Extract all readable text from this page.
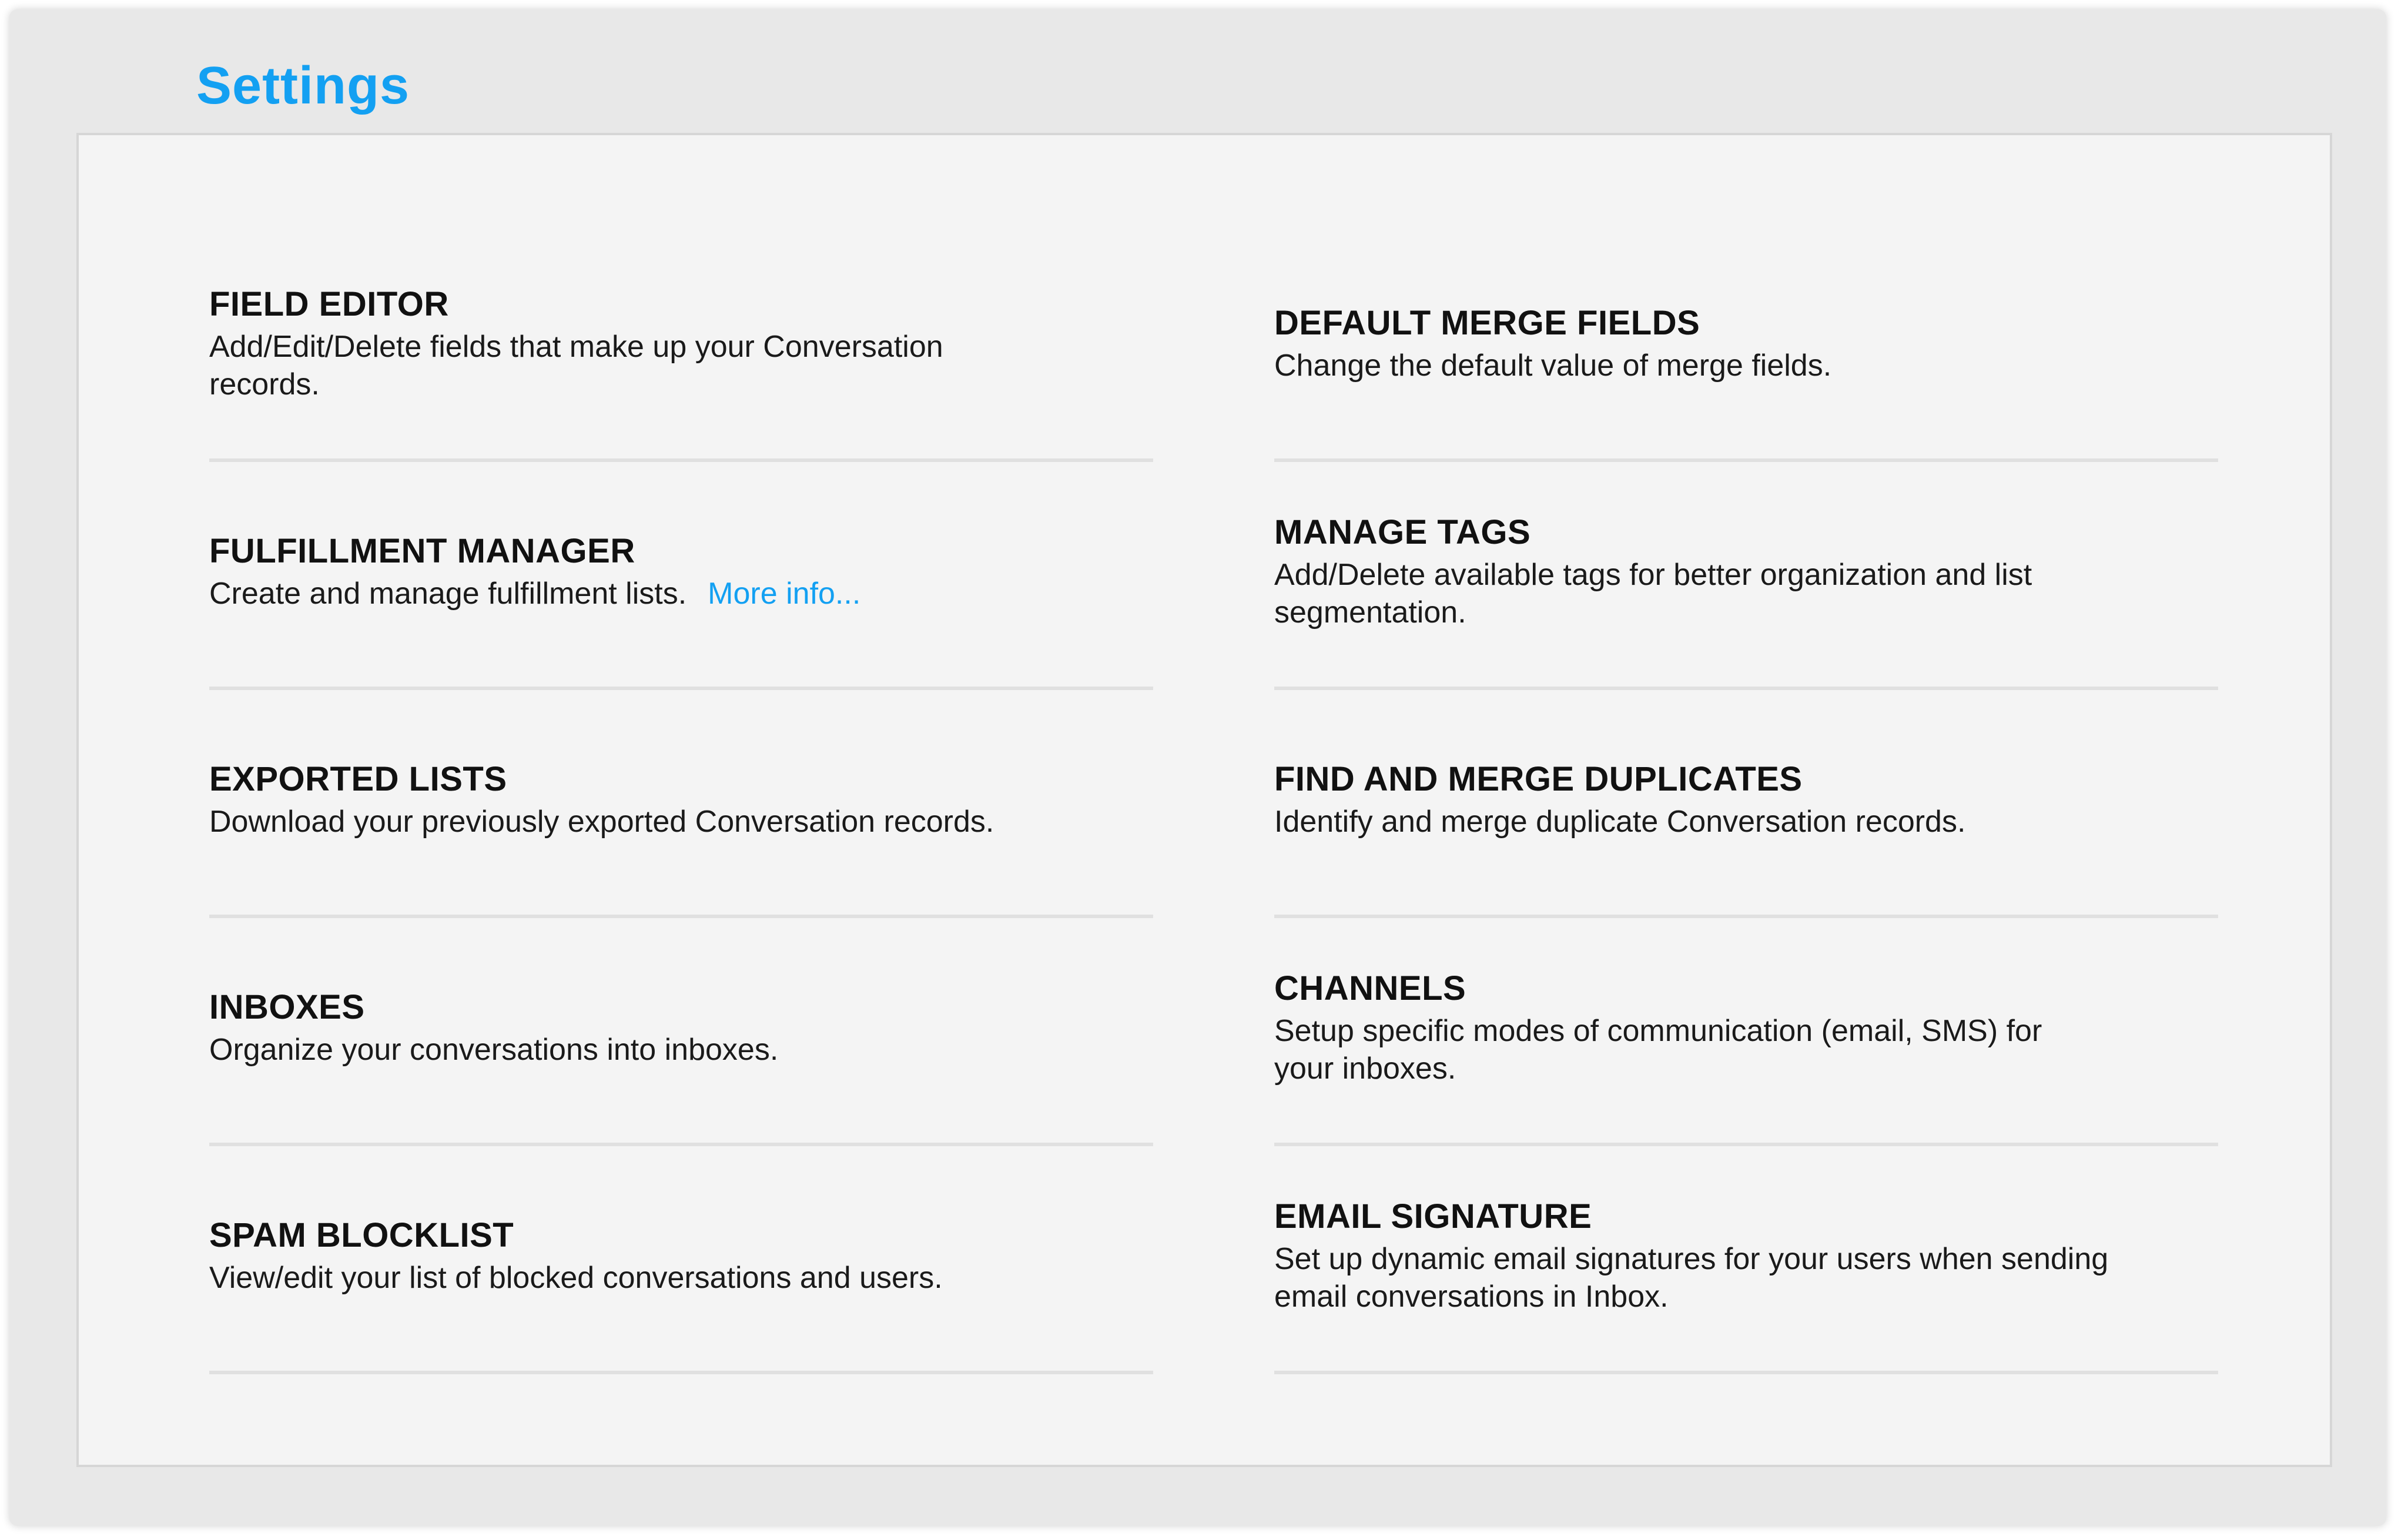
Settings
FIELD EDITOR

Add/Edit/Delete fields that make up your Conversation records.

FULFILLMENT MANAGER

Create and manage fulfillment lists. More info...

EXPORTED LISTS

Download your previously exported Conversation records.

INBOXES

Organize your conversations into inboxes.

SPAM BLOCKLIST

View/edit your list of blocked conversations and users.

DEFAULT MERGE FIELDS

Change the default value of merge fields.

MANAGE TAGS

Add/Delete available tags for better organization and list segmentation.

FIND AND MERGE DUPLICATES

Identify and merge duplicate Conversation records.

CHANNELS

Setup specific modes of communication (email, SMS) for your inboxes.

EMAIL SIGNATURE

Set up dynamic email signatures for your users when sending email conversations in Inbox.
